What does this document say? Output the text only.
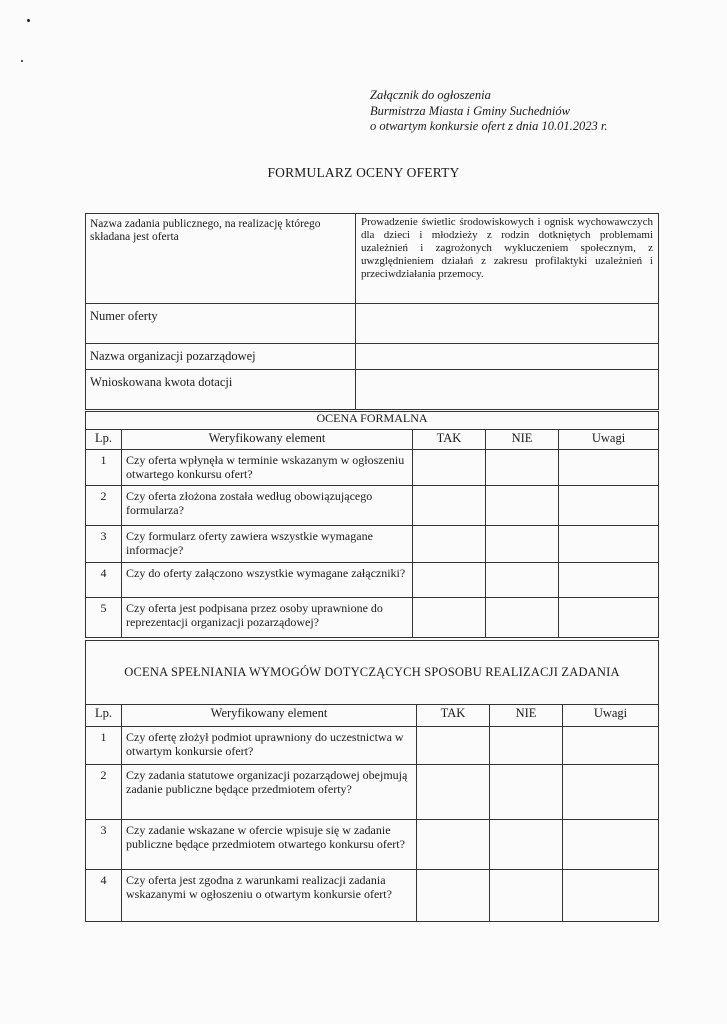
Załącznik do ogłoszenia
Burmistrza Miasta i Gminy Suchedniów
o otwartym konkursie ofert z dnia 10.01.2023 r.
FORMULARZ OCENY OFERTY
Nazwa zadania publicznego, na realizację którego składana jest oferta	Prowadzenie świetlic środowiskowych i ognisk wychowawczych dla dzieci i młodzieży z rodzin dotkniętych problemami uzależnień i zagrożonych wykluczeniem społecznym, z uwzględnieniem działań z zakresu profilaktyki uzależnień i przeciwdziałania przemocy.
Numer oferty	
Nazwa organizacji pozarządowej	
Wnioskowana kwota dotacji	
OCENA FORMALNA				
Lp.	Weryfikowany element	TAK	NIE	Uwagi
1	Czy oferta wpłynęła w terminie wskazanym w ogłoszeniu otwartego konkursu ofert?			
2	Czy oferta złożona została według obowiązującego formularza?			
3	Czy formularz oferty zawiera wszystkie wymagane informacje?			
4	Czy do oferty załączono wszystkie wymagane załączniki?			
5	Czy oferta jest podpisana przez osoby uprawnione do reprezentacji organizacji pozarządowej?			
OCENA SPEŁNIANIA WYMOGÓW DOTYCZĄCYCH SPOSOBU REALIZACJI ZADANIA				
Lp.	Weryfikowany element	TAK	NIE	Uwagi
1	Czy ofertę złożył podmiot uprawniony do uczestnictwa w otwartym konkursie ofert?			
2	Czy zadania statutowe organizacji pozarządowej obejmują zadanie publiczne będące przedmiotem oferty?			
3	Czy zadanie wskazane w ofercie wpisuje się w zadanie publiczne będące przedmiotem otwartego konkursu ofert?			
4	Czy oferta jest zgodna z warunkami realizacji zadania wskazanymi w ogłoszeniu o otwartym konkursie ofert?			
